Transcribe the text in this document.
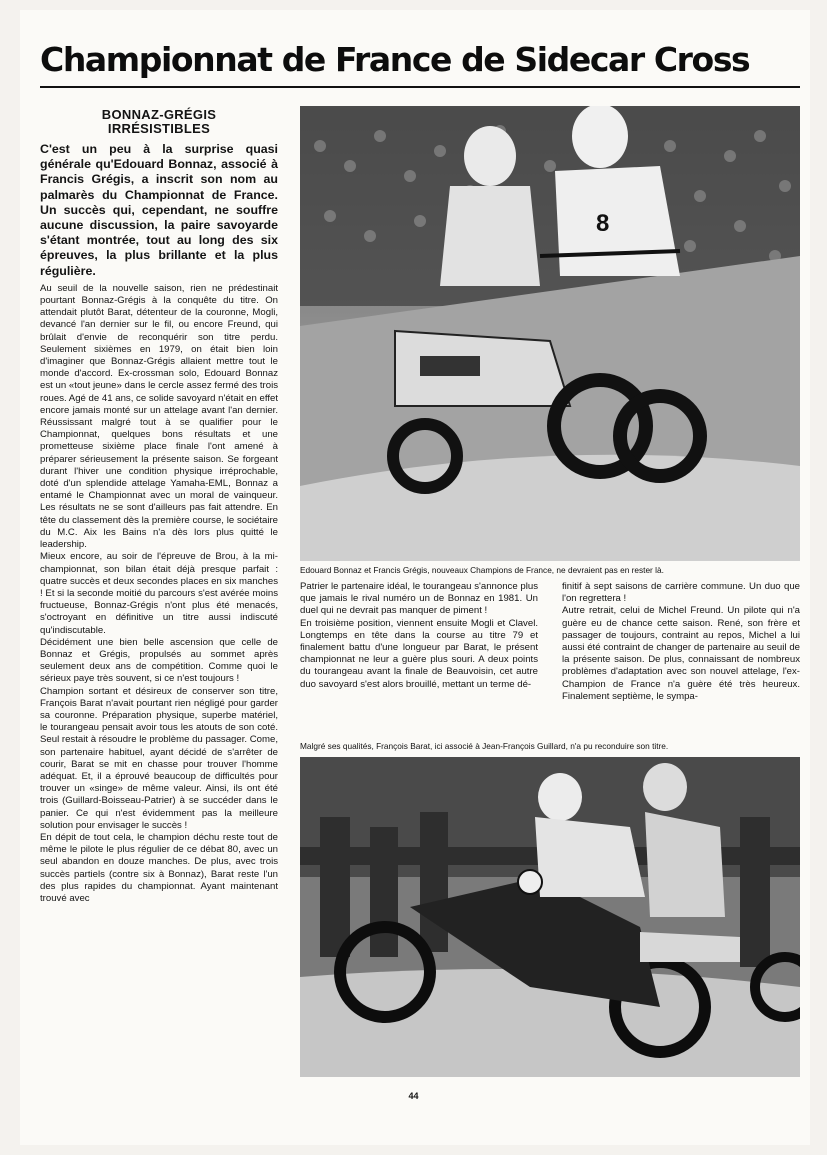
Championnat de France de Sidecar Cross
BONNAZ-GRÉGIS
IRRÉSISTIBLES

C'est un peu à la surprise quasi générale qu'Edouard Bonnaz, associé à Francis Grégis, a inscrit son nom au palmarès du Championnat de France. Un succès qui, cependant, ne souffre aucune discussion, la paire savoyarde s'étant montrée, tout au long des six épreuves, la plus brillante et la plus régulière.

Au seuil de la nouvelle saison, rien ne prédestinait pourtant Bonnaz-Grégis à la conquête du titre. On attendait plutôt Barat, détenteur de la couronne, Mogli, devancé l'an dernier sur le fil, ou encore Freund, qui brûlait d'envie de reconquérir son titre perdu. Seulement sixièmes en 1979, on était bien loin d'imaginer que Bonnaz-Grégis allaient mettre tout le monde d'accord. Ex-crossman solo, Edouard Bonnaz est un «tout jeune» dans le cercle assez fermé des trois roues. Agé de 41 ans, ce solide savoyard n'était en effet encore jamais monté sur un attelage avant l'an dernier. Réussissant malgré tout à se qualifier pour le Championnat, quelques bons résultats et une prometteuse sixième place finale l'ont amené à préparer sérieusement la présente saison. Se forgeant durant l'hiver une condition physique irréprochable, doté d'un splendide attelage Yamaha-EML, Bonnaz a entamé le Championnat avec un moral de vainqueur. Les résultats ne se sont d'ailleurs pas fait attendre. En tête du classement dès la première course, le sociétaire du M.C. Aix les Bains n'a dès lors plus quitté le leadership.

Mieux encore, au soir de l'épreuve de Brou, à la mi-championnat, son bilan était déjà presque parfait : quatre succès et deux secondes places en six manches ! Et si la seconde moitié du parcours s'est avérée moins fructueuse, Bonnaz-Grégis n'ont plus été menacés, s'octroyant en définitive un titre aussi indiscuté qu'indiscutable.

Décidément une bien belle ascension que celle de Bonnaz et Grégis, propulsés au sommet après seulement deux ans de compétition. Comme quoi le sérieux paye très souvent, si ce n'est toujours !

Champion sortant et désireux de conserver son titre, François Barat n'avait pourtant rien négligé pour garder sa couronne. Préparation physique, superbe matériel, le tourangeau pensait avoir tous les atouts de son coté. Seul restait à résoudre le problème du passager. Come, son partenaire habituel, ayant décidé de s'arrêter de courir, Barat se mit en chasse pour trouver l'homme adéquat. Et, il a éprouvé beaucoup de difficultés pour trouver un «singe» de même valeur. Ainsi, ils ont été trois (Guillard-Boisseau-Patrier) à se succéder dans le panier. Ce qui n'est évidemment pas la meilleure solution pour envisager le succès !

En dépit de tout cela, le champion déchu reste tout de même le pilote le plus régulier de ce débat 80, avec un seul abandon en douze manches. De plus, avec trois succès partiels (contre six à Bonnaz), Barat reste l'un des plus rapides du championnat. Ayant maintenant trouvé avec

8
Edouard Bonnaz et Francis Grégis, nouveaux Champions de France, ne devraient pas en rester là.

Patrier le partenaire idéal, le tourangeau s'annonce plus que jamais le rival numéro un de Bonnaz en 1981. Un duel qui ne devrait pas manquer de piment !

En troisième position, viennent ensuite Mogli et Clavel. Longtemps en tête dans la course au titre 79 et finalement battu d'une longueur par Barat, le présent championnat ne leur a guère plus souri. A deux points du tourangeau avant la finale de Beauvoisin, cet autre duo savoyard s'est alors brouillé, mettant un terme dé-

finitif à sept saisons de carrière commune. Un duo que l'on regrettera !

Autre retrait, celui de Michel Freund. Un pilote qui n'a guère eu de chance cette saison. René, son frère et passager de toujours, contraint au repos, Michel a lui aussi été contraint de changer de partenaire au seuil de la présente saison. De plus, connaissant de nombreux problèmes d'adaptation avec son nouvel attelage, l'ex-Champion de France n'a guère été très heureux. Finalement septième, le sympa-

Malgré ses qualités, François Barat, ici associé à Jean-François Guillard, n'a pu reconduire son titre.
44
